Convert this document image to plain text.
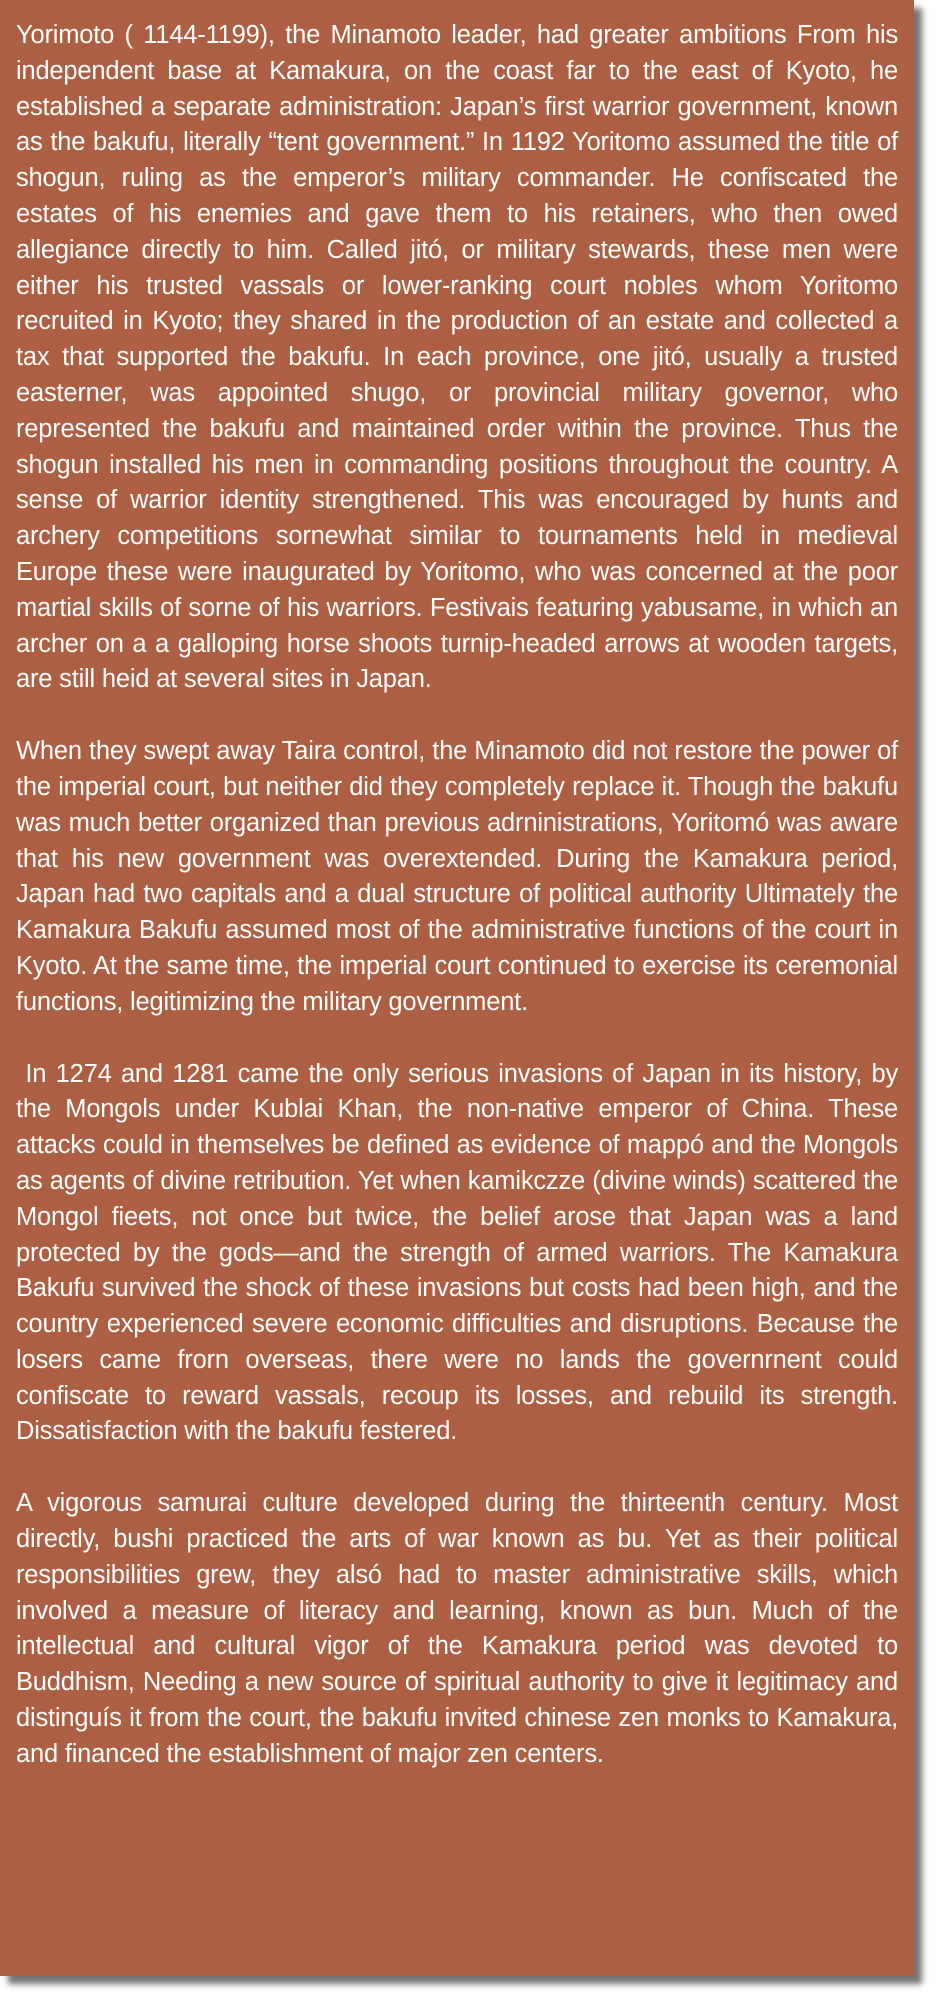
Yorimoto ( 1144-1199), the Minamoto leader, had greater ambitions From his independent base at Kamakura, on the coast far to the east of Kyoto, he established a separate administration: Japan’s first warrior government, known as the bakufu, literally “tent government.” In 1192 Yoritomo assumed the title of shogun, ruling as the emperor’s military commander. He confiscated the estates of his enemies and gave them to his retainers, who then owed allegiance directly to him. Called jitó, or military stewards, these men were either his trusted vassals or lower-ranking court nobles whom Yoritomo recruited in Kyoto; they shared in the production of an estate and collected a tax that supported the bakufu. In each province, one jitó, usually a trusted easterner, was appointed shugo, or provincial military governor, who represented the bakufu and maintained order within the province. Thus the shogun installed his men in commanding positions throughout the country. A sense of warrior identity strengthened. This was encouraged by hunts and archery competitions sornewhat similar to tournaments held in medieval Europe these were inaugurated by Yoritomo, who was concerned at the poor martial skills of sorne of his warriors. Festivais featuring yabusame, in which an archer on a a galloping horse shoots turnip-headed arrows at wooden targets, are still heid at several sites in Japan.

When they swept away Taira control, the Minamoto did not restore the power of the imperial court, but neither did they completely replace it. Though the bakufu was much better organized than previous adrninistrations, Yoritomó was aware that his new government was overextended. During the Kamakura period, Japan had two capitals and a dual structure of political authority Ultimately the Kamakura Bakufu assumed most of the administrative functions of the court in Kyoto. At the same time, the imperial court continued to exercise its ceremonial functions, legitimizing the military government.

In 1274 and 1281 came the only serious invasions of Japan in its history, by the Mongols under Kublai Khan, the non-native emperor of China. These attacks could in themselves be defined as evidence of mappó and the Mongols as agents of divine retribution. Yet when kamikczze (divine winds) scattered the Mongol fieets, not once but twice, the belief arose that Japan was a land protected by the gods—and the strength of armed warriors. The Kamakura Bakufu survived the shock of these invasions but costs had been high, and the country experienced severe economic difficulties and disruptions. Because the losers came frorn overseas, there were no lands the governrnent could confiscate to reward vassals, recoup its losses, and rebuild its strength. Dissatisfaction with the bakufu festered.

A vigorous samurai culture developed during the thirteenth century. Most directly, bushi practiced the arts of war known as bu. Yet as their political responsibilities grew, they alsó had to master administrative skills, which involved a measure of literacy and learning, known as bun. Much of the intellectual and cultural vigor of the Kamakura period was devoted to Buddhism, Needing a new source of spiritual authority to give it legitimacy and distinguís it from the court, the bakufu invited chinese zen monks to Kamakura, and financed the establishment of major zen centers.
